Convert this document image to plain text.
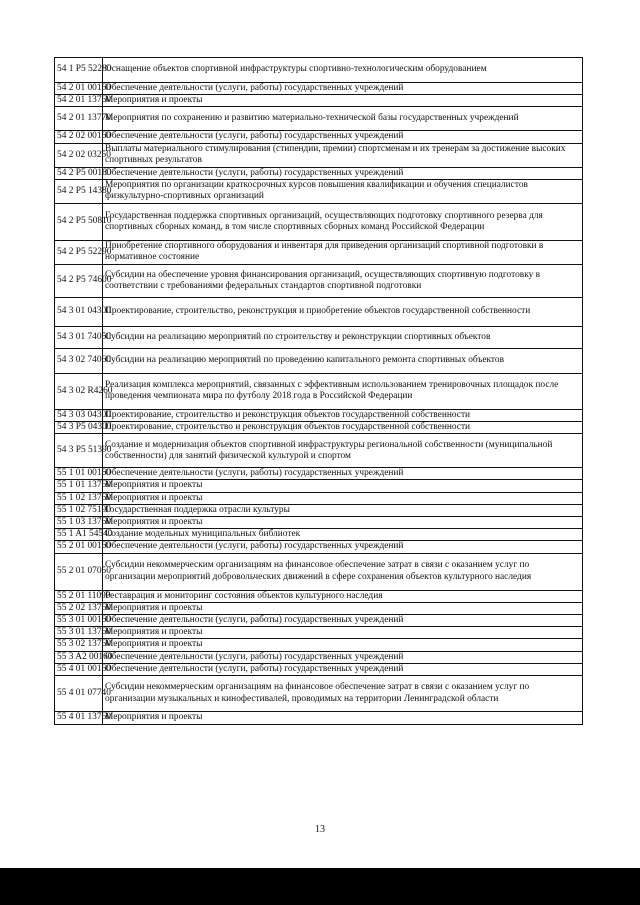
54 1 P5 52280	Оснащение объектов спортивной инфраструктуры спортивно-технологическим оборудованием
54 2 01 00160	Обеспечение деятельности (услуги, работы) государственных учреждений
54 2 01 13760	Мероприятия и проекты
54 2 01 13770	Мероприятия по сохранению и развитию материально-технической базы государственных учреждений
54 2 02 00160	Обеспечение деятельности (услуги, работы) государственных учреждений
54 2 02 03250	Выплаты материального стимулирования (стипендии, премии) спортсменам и их тренерам за достижение высоких спортивных результатов
54 2 P5 00160	Обеспечение деятельности (услуги, работы) государственных учреждений
54 2 P5 14380	Мероприятия по организации краткосрочных курсов повышения квалификации и обучения специалистов физкультурно-спортивных организаций
54 2 P5 50810	Государственная поддержка спортивных организаций, осуществляющих подготовку спортивного резерва для спортивных сборных команд, в том числе спортивных сборных команд Российской Федерации
54 2 P5 52290	Приобретение спортивного оборудования и инвентаря для приведения организаций спортивной подготовки в нормативное состояние
54 2 P5 74600	Субсидии на обеспечение уровня финансирования организаций, осуществляющих спортивную подготовку в соответствии с требованиями федеральных стандартов спортивной подготовки
54 3 01 04300	Проектирование, строительство, реконструкция и приобретение объектов государственной собственности
54 3 01 74050	Субсидии на реализацию мероприятий по строительству и реконструкции спортивных объектов
54 3 02 74060	Субсидии на реализацию мероприятий по проведению капитального ремонта спортивных объектов
54 3 02 R4260	Реализация комплекса мероприятий, связанных с эффективным использованием тренировочных площадок после проведения чемпионата мира по футболу 2018 года в Российской Федерации
54 3 03 04300	Проектирование, строительство и реконструкция объектов государственной собственности
54 3 P5 04300	Проектирование, строительство и реконструкция объектов государственной собственности
54 3 P5 51390	Создание и модернизация объектов спортивной инфраструктуры региональной собственности (муниципальной собственности) для занятий физической культурой и спортом
55 1 01 00160	Обеспечение деятельности (услуги, работы) государственных учреждений
55 1 01 13760	Мероприятия и проекты
55 1 02 13760	Мероприятия и проекты
55 1 02 75190	Государственная поддержка отрасли культуры
55 1 03 13760	Мероприятия и проекты
55 1 A1 54540	Создание модельных муниципальных библиотек
55 2 01 00160	Обеспечение деятельности (услуги, работы) государственных учреждений
55 2 01 07050	Субсидии некоммерческим организациям на финансовое обеспечение затрат в связи с оказанием услуг по организации мероприятий добровольческих движений в сфере сохранения объектов культурного наследия
55 2 01 11090	Реставрация и мониторинг состояния объектов культурного наследия
55 2 02 13760	Мероприятия и проекты
55 3 01 00160	Обеспечение деятельности (услуги, работы) государственных учреждений
55 3 01 13760	Мероприятия и проекты
55 3 02 13760	Мероприятия и проекты
55 3 A2 00160	Обеспечение деятельности (услуги, работы) государственных учреждений
55 4 01 00160	Обеспечение деятельности (услуги, работы) государственных учреждений
55 4 01 07740	Субсидии некоммерческим организациям на финансовое обеспечение затрат в связи с оказанием услуг по организации музыкальных и кинофестивалей, проводимых на территории Ленинградской области
55 4 01 13760	Мероприятия и проекты
13
